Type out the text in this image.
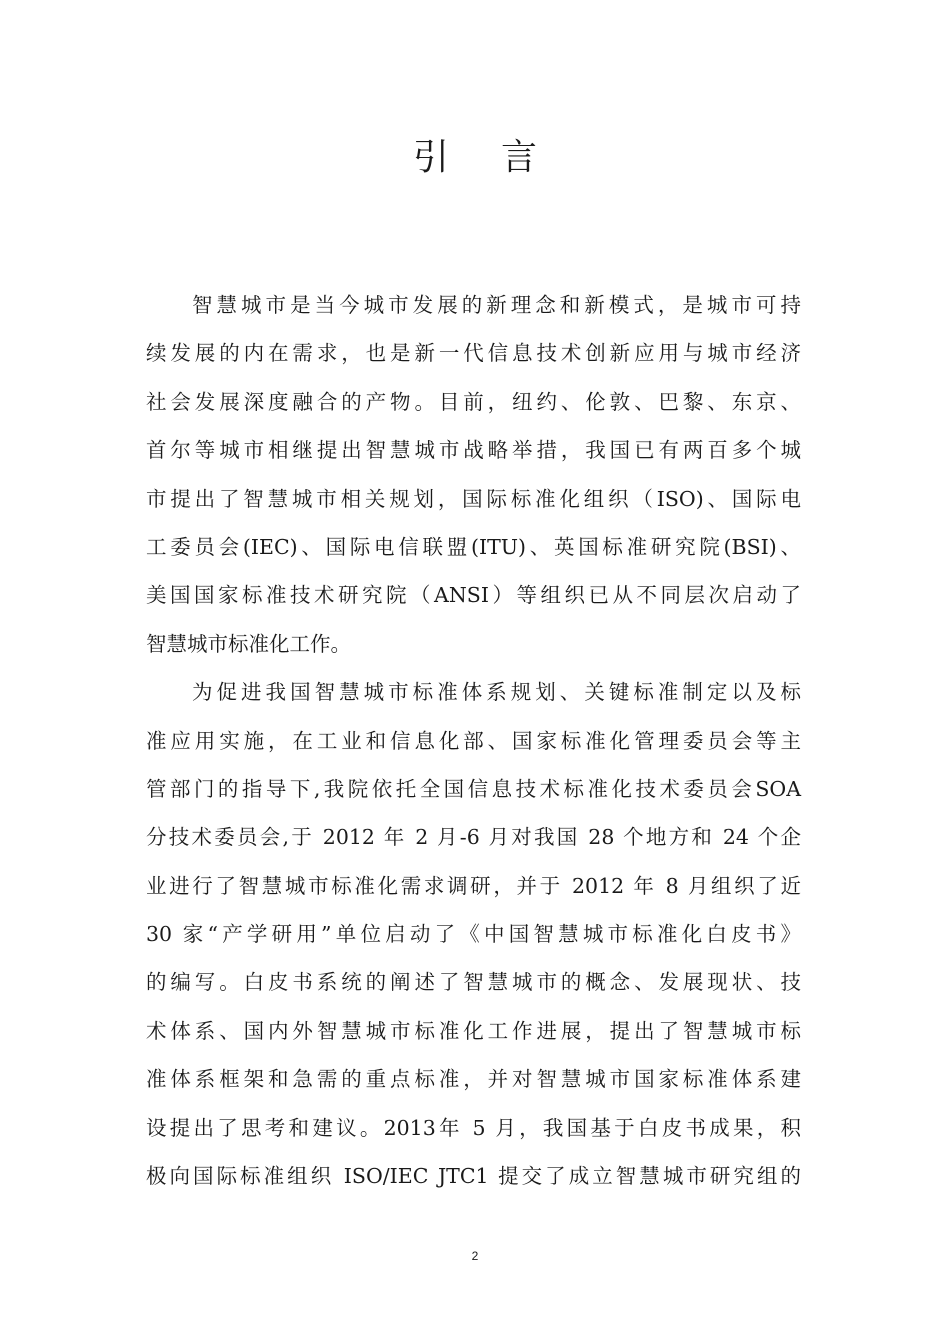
引 言
智慧城市是当今城市发展的新理念和新模式，是城市可持
续发展的内在需求，也是新一代信息技术创新应用与城市经济
社会发展深度融合的产物。目前，纽约、伦敦、巴黎、东京、
首尔等城市相继提出智慧城市战略举措，我国已有两百多个城
市提出了智慧城市相关规划，国际标准化组织（ISO)、国际电
工委员会(IEC)、国际电信联盟(ITU)、英国标准研究院(BSI)、
美国国家标准技术研究院（ANSI）等组织已从不同层次启动了
智慧城市标准化工作。
为促进我国智慧城市标准体系规划、关键标准制定以及标
准应用实施，在工业和信息化部、国家标准化管理委员会等主
管部门的指导下,我院依托全国信息技术标准化技术委员会SOA
分技术委员会,于 2012 年 2 月-6 月对我国 28 个地方和 24 个企
业进行了智慧城市标准化需求调研，并于 2012 年 8 月组织了近
30 家“产学研用”单位启动了《中国智慧城市标准化白皮书》
的编写。白皮书系统的阐述了智慧城市的概念、发展现状、技
术体系、国内外智慧城市标准化工作进展，提出了智慧城市标
准体系框架和急需的重点标准，并对智慧城市国家标准体系建
设提出了思考和建议。2013年 5 月，我国基于白皮书成果，积
极向国际标准组织 ISO/IEC JTC1 提交了成立智慧城市研究组的
2
